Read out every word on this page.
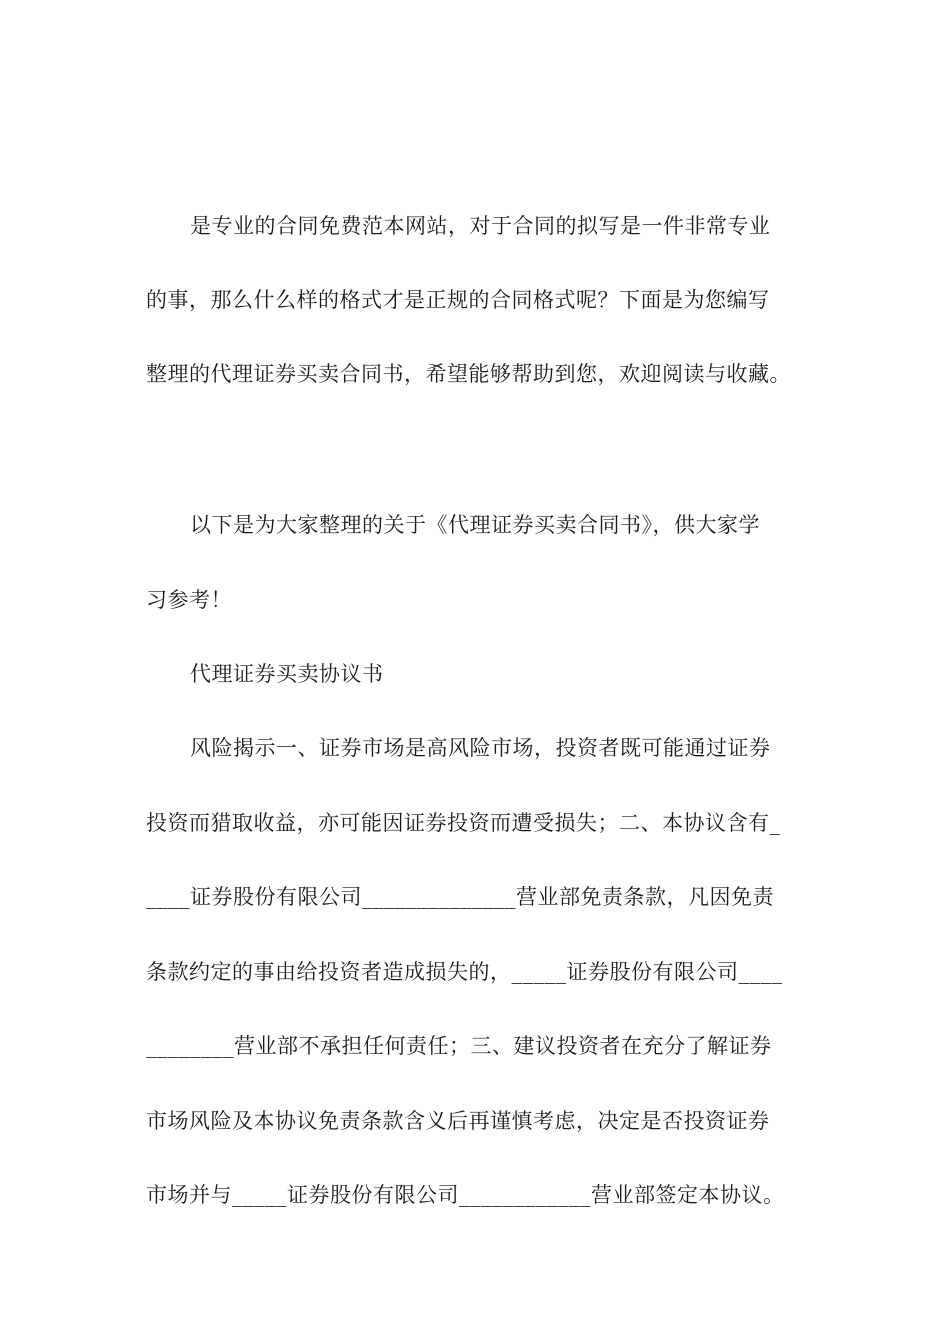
是专业的合同免费范本网站，对于合同的拟写是一件非常专业
的事，那么什么样的格式才是正规的合同格式呢？下面是为您编写
整理的代理证券买卖合同书，希望能够帮助到您，欢迎阅读与收藏。
以下是为大家整理的关于《代理证券买卖合同书》，供大家学
习参考！
代理证券买卖协议书
风险揭示一、证券市场是高风险市场，投资者既可能通过证券
投资而猎取收益，亦可能因证券投资而遭受损失；二、本协议含有_
____证券股份有限公司______________营业部免责条款，凡因免责
条款约定的事由给投资者造成损失的，_____证券股份有限公司____
________营业部不承担任何责任；三、建议投资者在充分了解证券
市场风险及本协议免责条款含义后再谨慎考虑，决定是否投资证券
市场并与_____证券股份有限公司____________营业部签定本协议。
